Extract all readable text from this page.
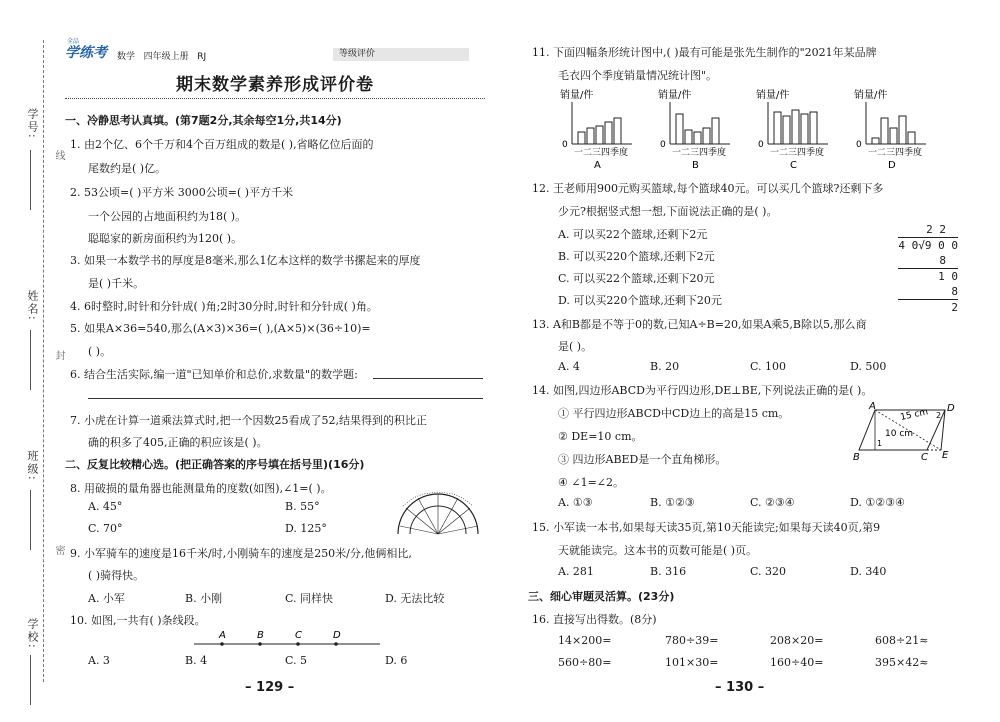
学号:
姓名:
班级:
学校:
线
封
密
全品
学练考 数学 四年级上册 RJ	等级评价
期末数学素养形成评价卷
一、冷静思考认真填。(第7题2分,其余每空1分,共14分)
1. 由2个亿、6个千万和4个百万组成的数是( ),省略亿位后面的
尾数约是( )亿。
2. 53公顷=( )平方米 3000公顷=( )平方千米
一个公园的占地面积约为18( )。
聪聪家的新房面积约为120( )。
3. 如果一本数学书的厚度是8毫米,那么1亿本这样的数学书摞起来的厚度
是( )千米。
4. 6时整时,时针和分针成( )角;2时30分时,时针和分针成( )角。
5. 如果A×36=540,那么(A×3)×36=( ),(A×5)×(36÷10)=
( )。
6. 结合生活实际,编一道"已知单价和总价,求数量"的数学题:
7. 小虎在计算一道乘法算式时,把一个因数25看成了52,结果得到的积比正
确的积多了405,正确的积应该是( )。
二、反复比较精心选。(把正确答案的序号填在括号里)(16分)
8. 用破损的量角器也能测量角的度数(如图),∠1=( )。
A. 45°	B. 55°
C. 70°	D. 125°
9. 小军骑车的速度是16千米/时,小刚骑车的速度是250米/分,他俩相比,
( )骑得快。
A. 小军	B. 小刚	C. 同样快	D. 无法比较
10. 如图,一共有( )条线段。
A	B	C	D
A. 3	B. 4	C. 5	D. 6
– 129 –
11. 下面四幅条形统计图中,( )最有可能是张先生制作的"2021年某品牌
毛衣四个季度销量情况统计图"。
销量/件
0
一二三四季度
A
销量/件
0
一二三四季度
B
销量/件
0
一二三四季度
C
销量/件
0
一二三四季度
D
12. 王老师用900元购买篮球,每个篮球40元。可以买几个篮球?还剩下多
少元?根据竖式想一想,下面说法正确的是( )。
A. 可以买22个篮球,还剩下2元
B. 可以买220个篮球,还剩下2元
C. 可以买22个篮球,还剩下20元
D. 可以买220个篮球,还剩下20元
2 2
4 0√9 0 0
8
1 0
8
2
13. A和B都是不等于0的数,已知A÷B=20,如果A乘5,B除以5,那么商
是( )。
A. 4	B. 20	C. 100	D. 500
14. 如图,四边形ABCD为平行四边形,DE⊥BE,下列说法正确的是( )。
① 平行四边形ABCD中CD边上的高是15 cm。
② DE=10 cm。
③ 四边形ABED是一个直角梯形。
④ ∠1=∠2。
A	D
B	C E
15 cm
10 cm
1
2
A. ①③	B. ①②③	C. ②③④	D. ①②③④
15. 小军读一本书,如果每天读35页,第10天能读完;如果每天读40页,第9
天就能读完。这本书的页数可能是( )页。
A. 281	B. 316	C. 320	D. 340
三、细心审题灵活算。(23分)
16. 直接写出得数。(8分)
14×200=	780÷39=	208×20=	608÷21≈
560÷80=	101×30=	160÷40=	395×42≈
– 130 –
